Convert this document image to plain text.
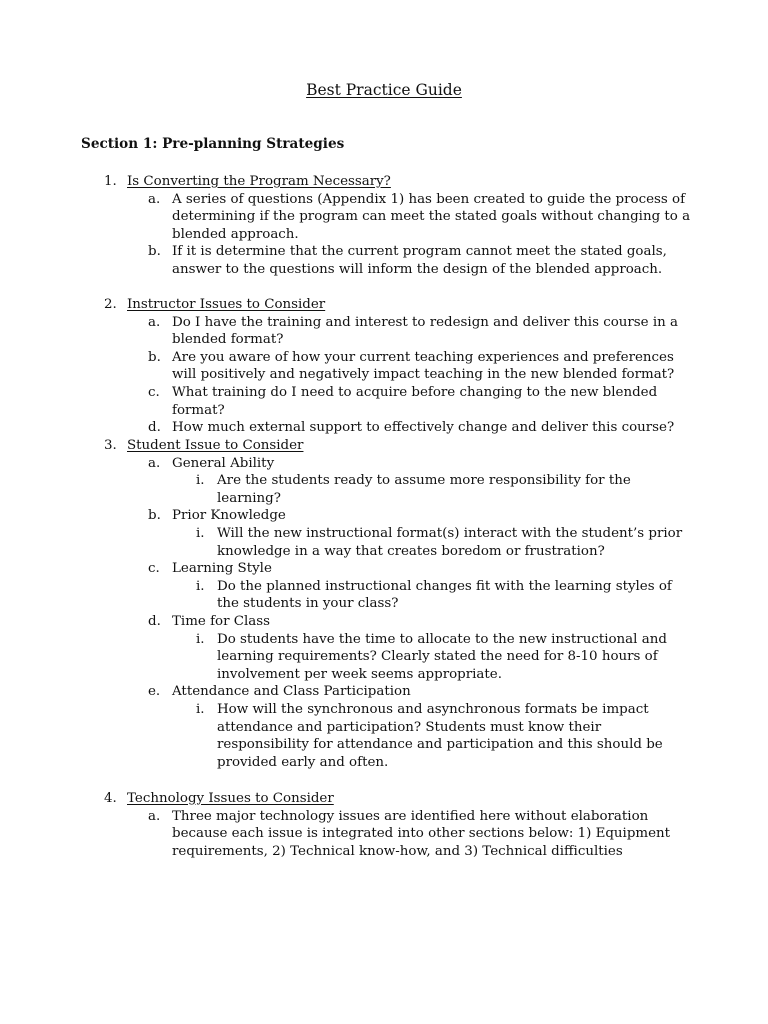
Best Practice Guide
Section 1: Pre-planning Strategies
1. Is Converting the Program Necessary?
a. A series of questions (Appendix 1) has been created to guide the process of determining if the program can meet the stated goals without changing to a blended approach.
b. If it is determine that the current program cannot meet the stated goals, answer to the questions will inform the design of the blended approach.
2. Instructor Issues to Consider
a. Do I have the training and interest to redesign and deliver this course in a blended format?
b. Are you aware of how your current teaching experiences and preferences will positively and negatively impact teaching in the new blended format?
c. What training do I need to acquire before changing to the new blended format?
d. How much external support to effectively change and deliver this course?
3. Student Issue to Consider
a. General Ability
i. Are the students ready to assume more responsibility for the learning?
b. Prior Knowledge
i. Will the new instructional format(s) interact with the student’s prior knowledge in a way that creates boredom or frustration?
c. Learning Style
i. Do the planned instructional changes fit with the learning styles of the students in your class?
d. Time for Class
i. Do students have the time to allocate to the new instructional and learning requirements? Clearly stated the need for 8-10 hours of involvement per week seems appropriate.
e. Attendance and Class Participation
i. How will the synchronous and asynchronous formats be impact attendance and participation? Students must know their responsibility for attendance and participation and this should be provided early and often.
4. Technology Issues to Consider
a. Three major technology issues are identified here without elaboration because each issue is integrated into other sections below: 1) Equipment requirements, 2) Technical know-how, and 3) Technical difficulties
